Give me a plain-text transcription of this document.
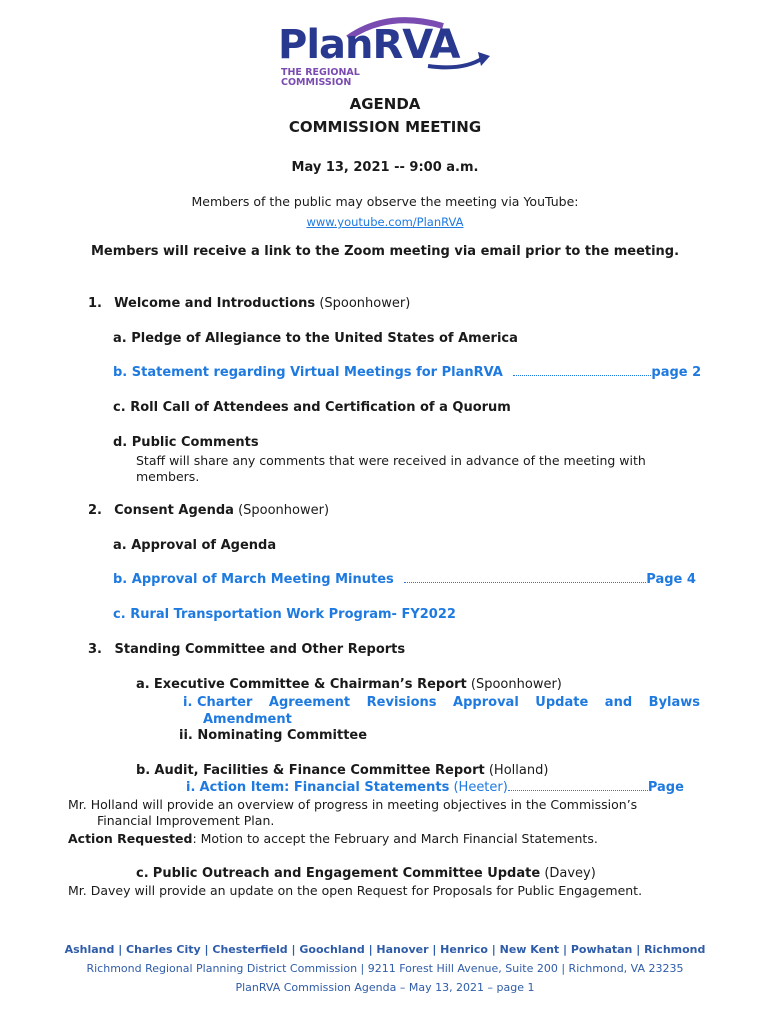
PlanRVA
THE REGIONAL
COMMISSION
AGENDA
COMMISSION MEETING
May 13, 2021 -- 9:00 a.m.
Members of the public may observe the meeting via YouTube:
www.youtube.com/PlanRVA
Members will receive a link to the Zoom meeting via email prior to the meeting.
1. Welcome and Introductions (Spoonhower)
a. Pledge of Allegiance to the United States of America
b. Statement regarding Virtual Meetings for PlanRVA	page 2
c. Roll Call of Attendees and Certification of a Quorum
d. Public Comments
Staff will share any comments that were received in advance of the meeting with
members.
2. Consent Agenda (Spoonhower)
a. Approval of Agenda
b. Approval of March Meeting Minutes	Page 4
c. Rural Transportation Work Program- FY2022
3. Standing Committee and Other Reports
a. Executive Committee & Chairman’s Report (Spoonhower)
i. Charter Agreement Revisions Approval Update and Bylaws
Amendment
ii. Nominating Committee
b. Audit, Facilities & Finance Committee Report (Holland)
i. Action Item: Financial Statements (Heeter)	Page
Mr. Holland will provide an overview of progress in meeting objectives in the Commission’s
Financial Improvement Plan.
Action Requested: Motion to accept the February and March Financial Statements.
c. Public Outreach and Engagement Committee Update (Davey)
Mr. Davey will provide an update on the open Request for Proposals for Public Engagement.
Ashland | Charles City | Chesterfield | Goochland | Hanover | Henrico | New Kent | Powhatan | Richmond
Richmond Regional Planning District Commission | 9211 Forest Hill Avenue, Suite 200 | Richmond, VA 23235
PlanRVA Commission Agenda – May 13, 2021 – page 1
